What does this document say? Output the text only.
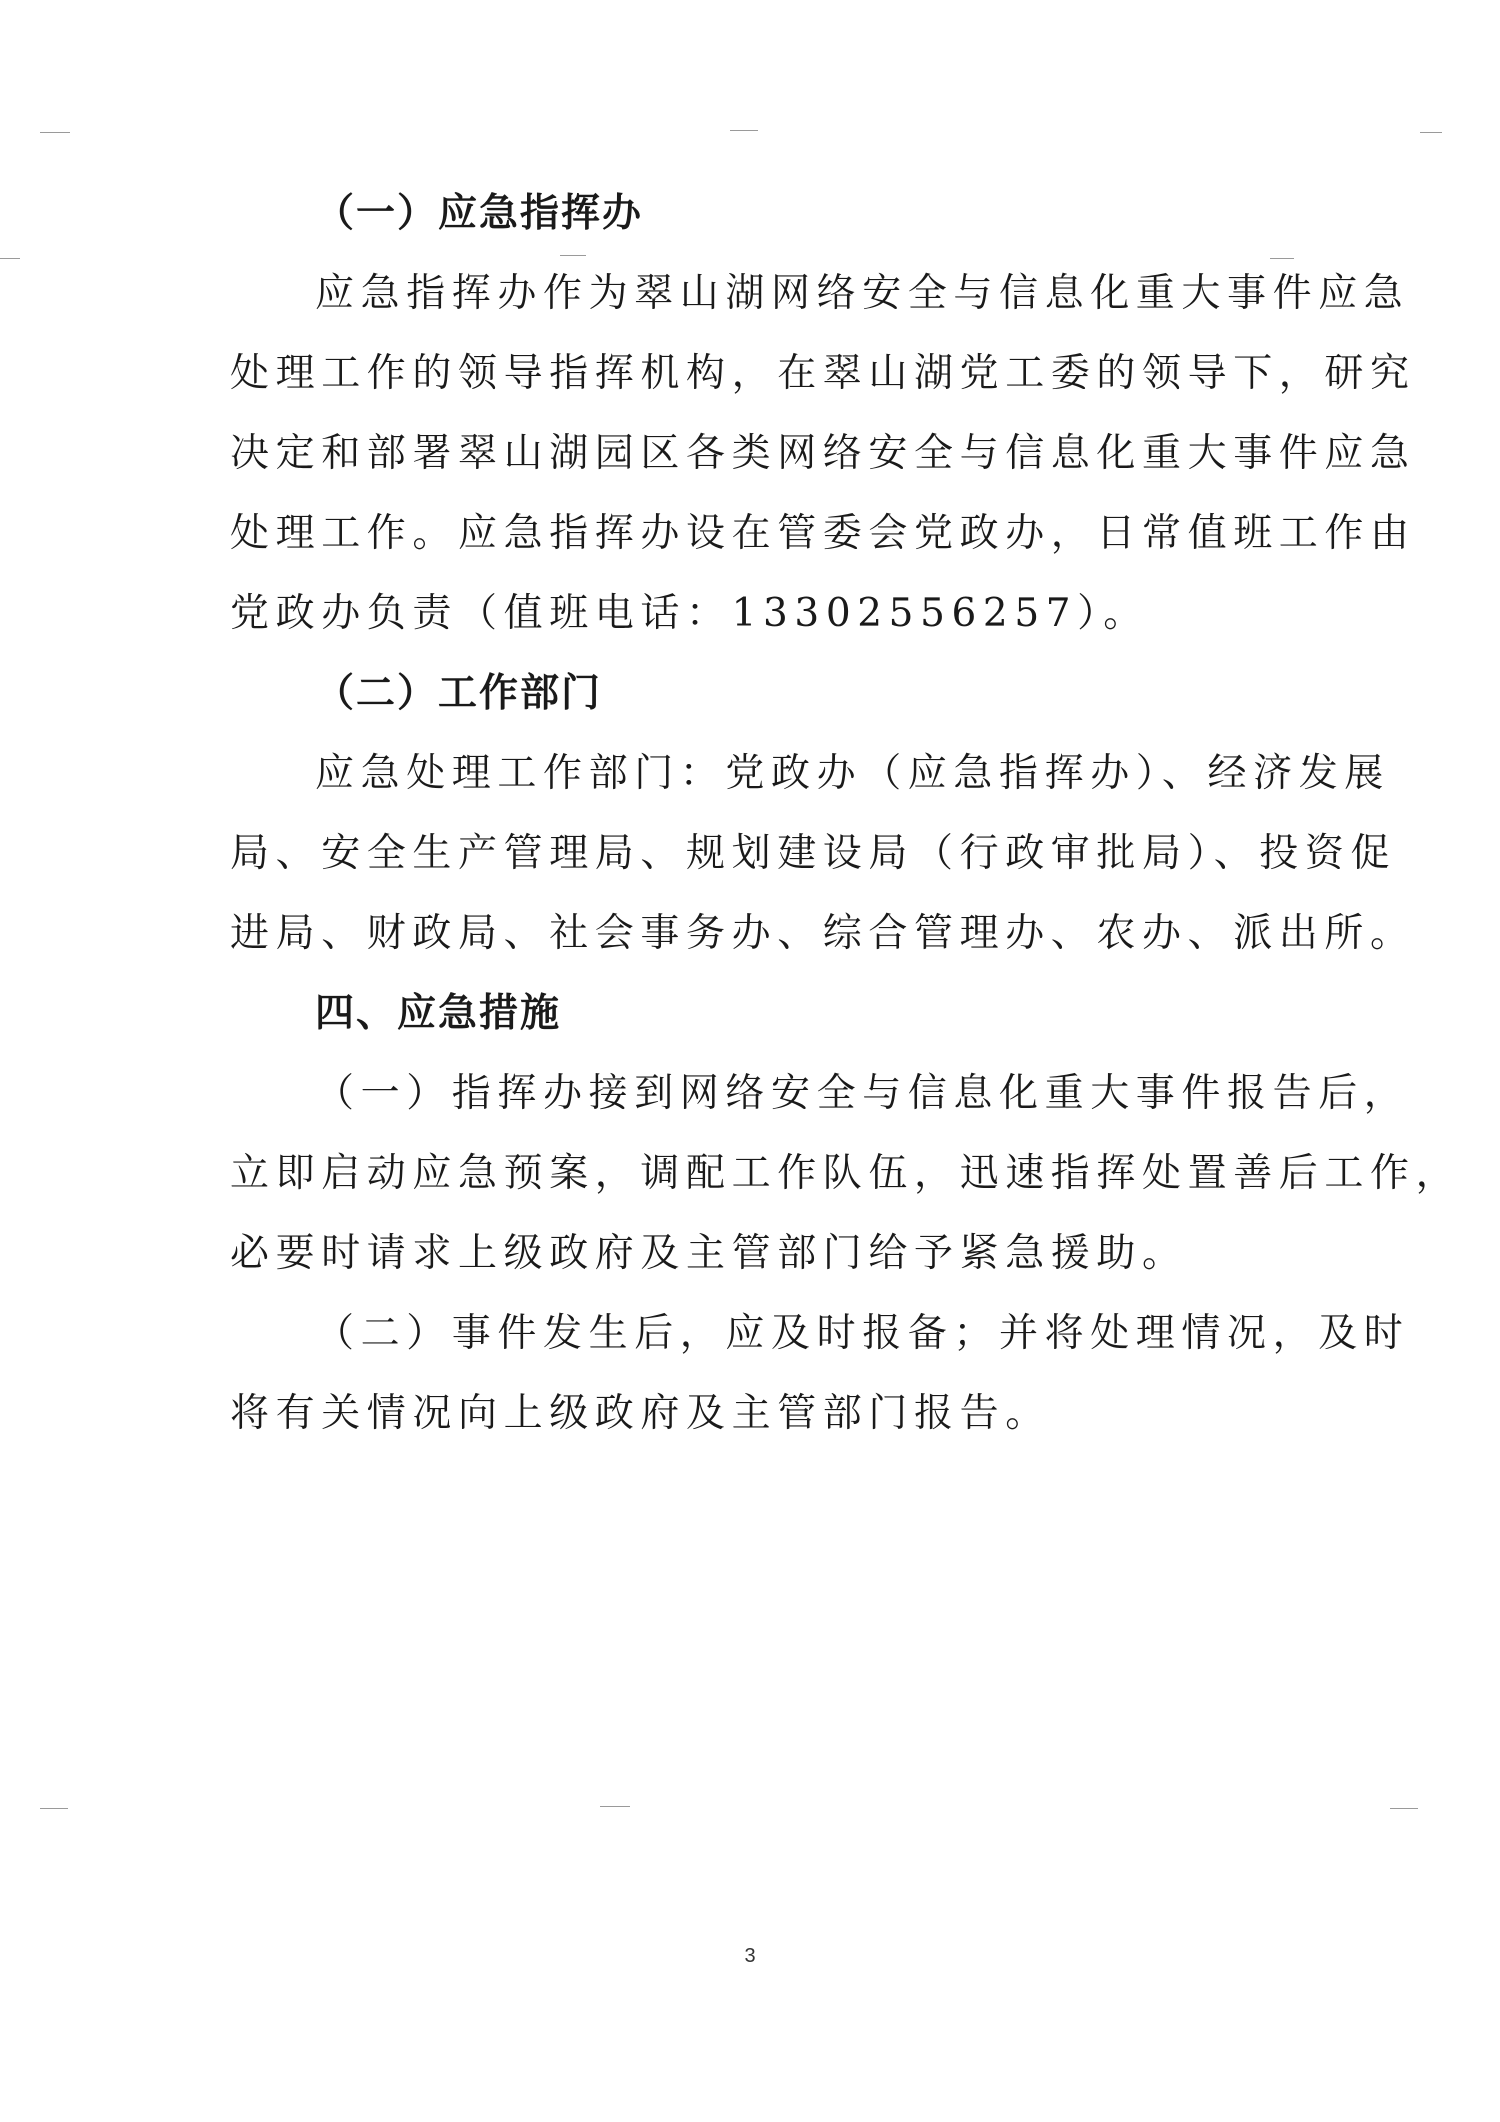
（一）应急指挥办
应急指挥办作为翠山湖网络安全与信息化重大事件应急
处理工作的领导指挥机构，在翠山湖党工委的领导下，研究
决定和部署翠山湖园区各类网络安全与信息化重大事件应急
处理工作。应急指挥办设在管委会党政办，日常值班工作由
党政办负责（值班电话：13302556257）。
（二）工作部门
应急处理工作部门：党政办（应急指挥办）、经济发展
局、安全生产管理局、规划建设局（行政审批局）、投资促
进局、财政局、社会事务办、综合管理办、农办、派出所。
四、应急措施
（一）指挥办接到网络安全与信息化重大事件报告后，
立即启动应急预案，调配工作队伍，迅速指挥处置善后工作，
必要时请求上级政府及主管部门给予紧急援助。
（二）事件发生后，应及时报备；并将处理情况，及时
将有关情况向上级政府及主管部门报告。
3
